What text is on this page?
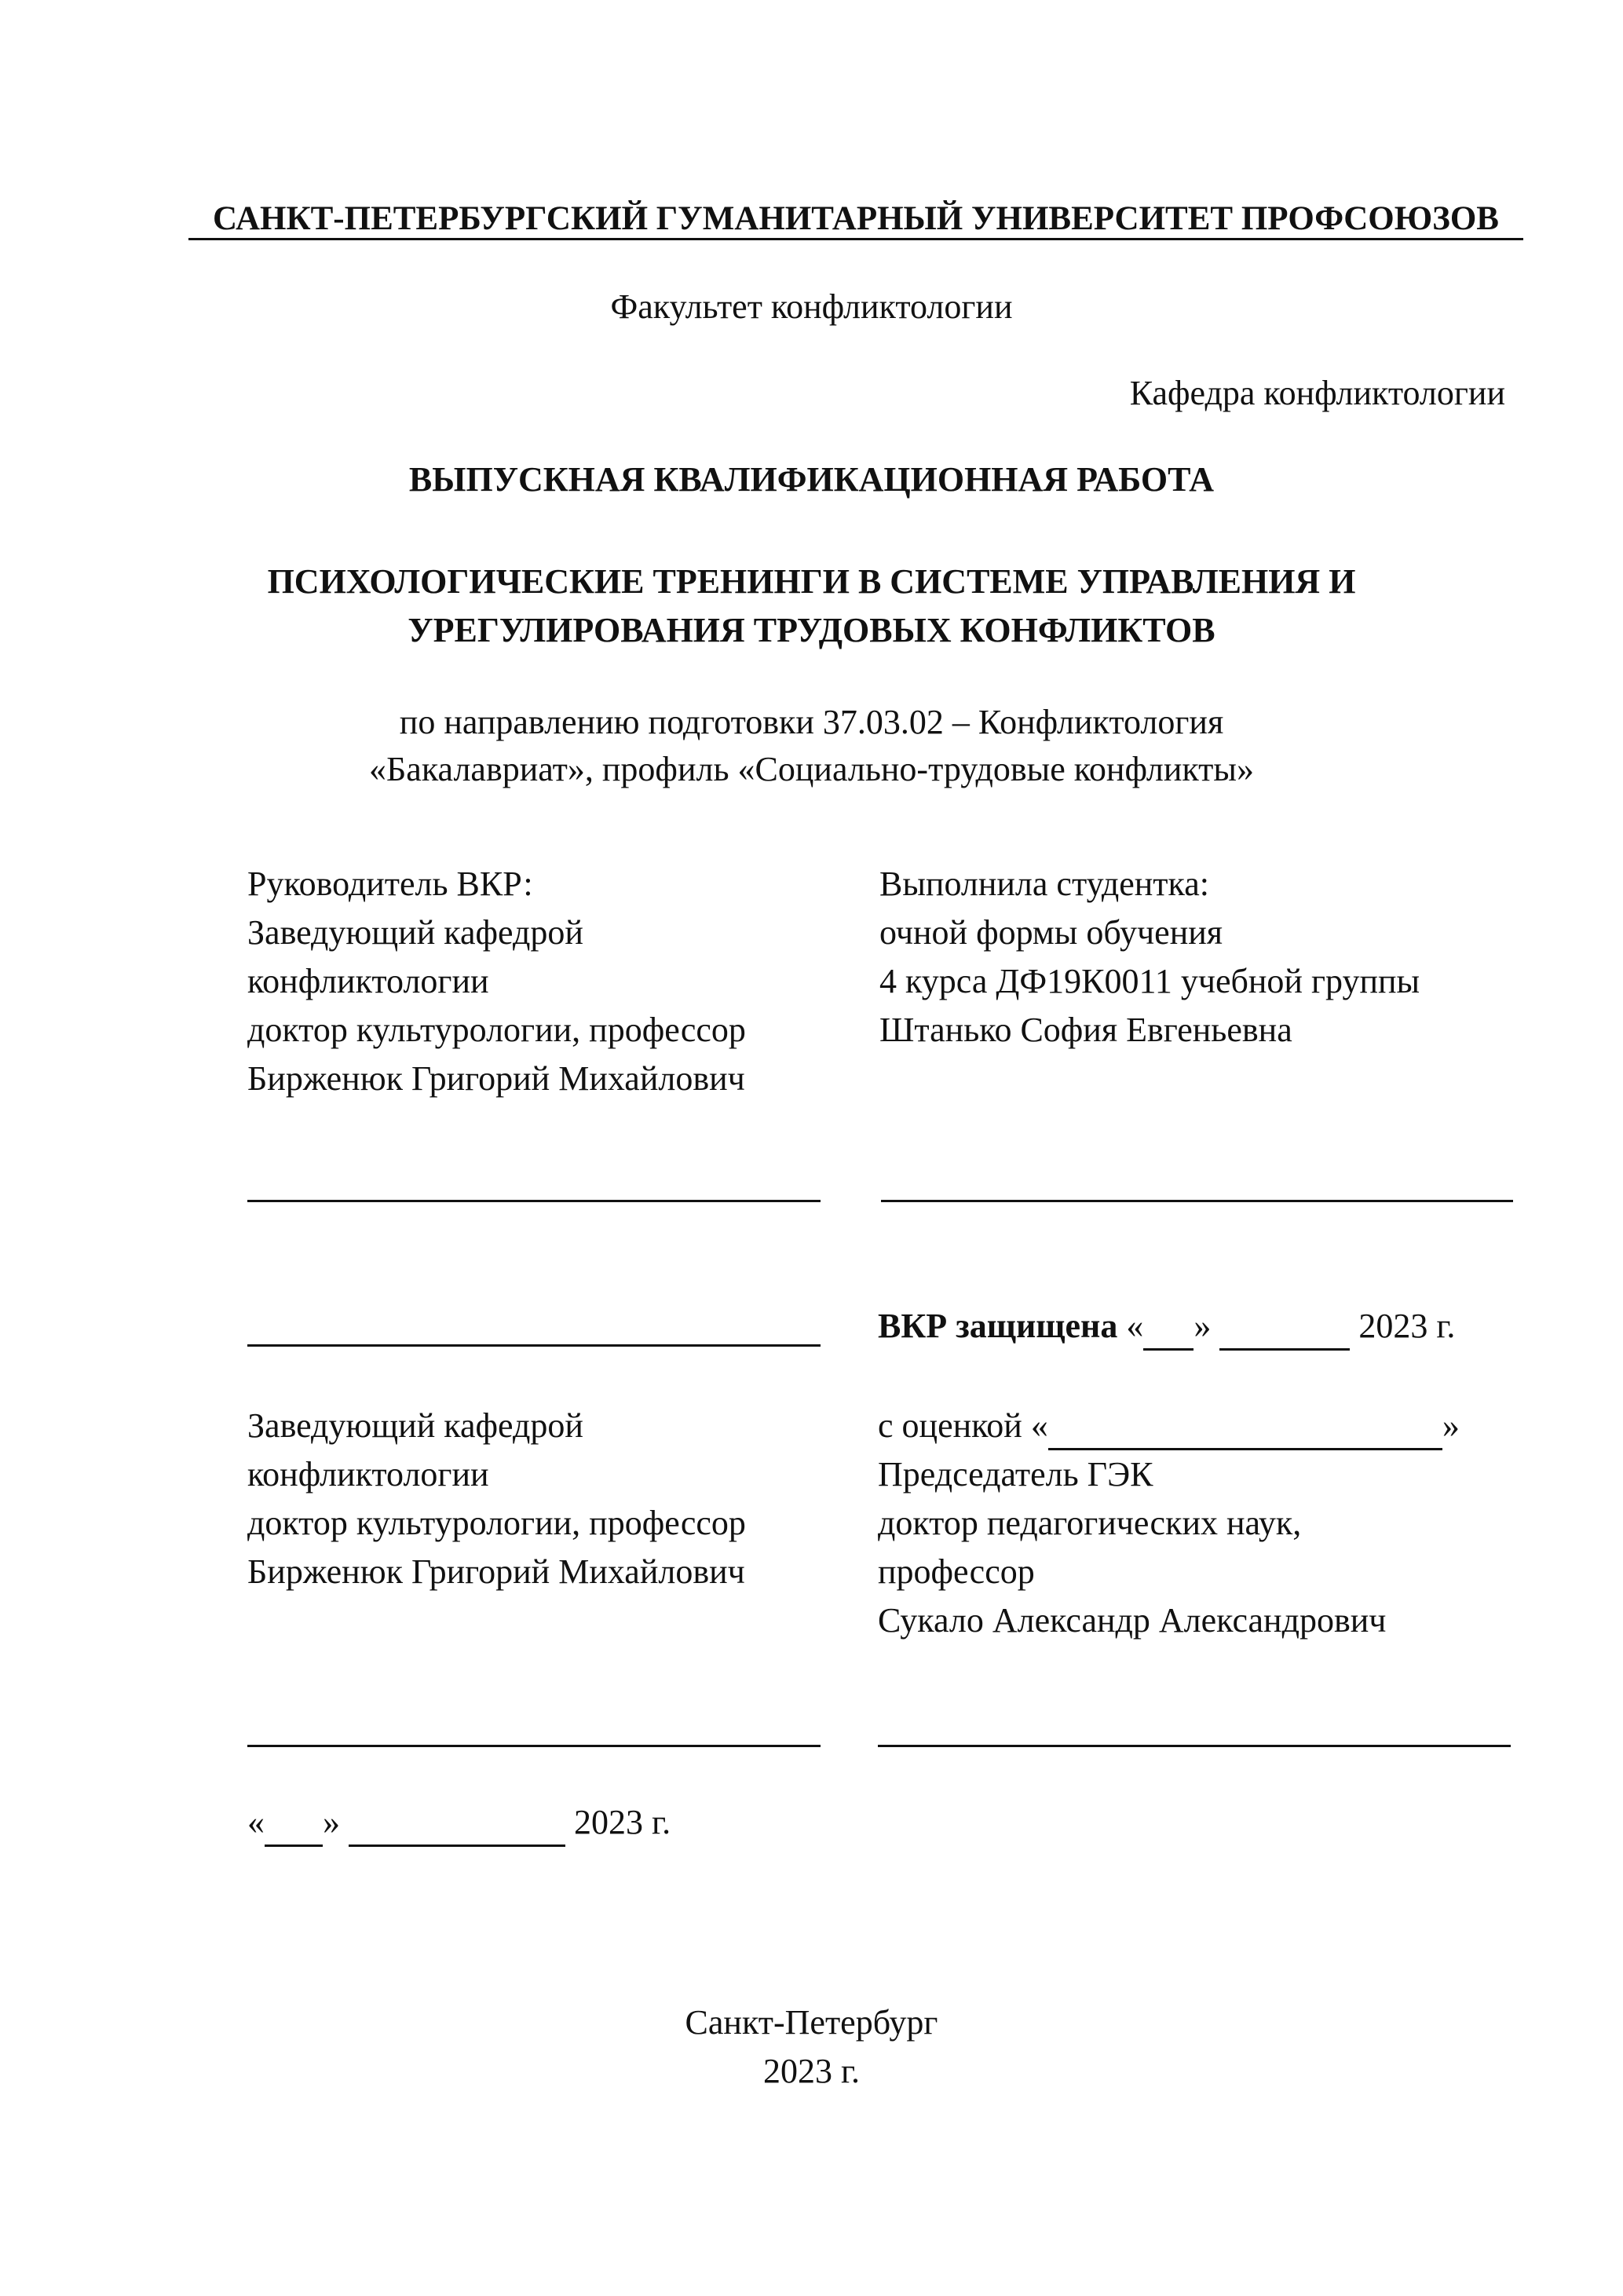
САНКТ-ПЕТЕРБУРГСКИЙ ГУМАНИТАРНЫЙ УНИВЕРСИТЕТ ПРОФСОЮЗОВ
Факультет конфликтологии
Кафедра конфликтологии
ВЫПУСКНАЯ КВАЛИФИКАЦИОННАЯ РАБОТА
ПСИХОЛОГИЧЕСКИЕ ТРЕНИНГИ В СИСТЕМЕ УПРАВЛЕНИЯ И
УРЕГУЛИРОВАНИЯ ТРУДОВЫХ КОНФЛИКТОВ
по направлению подготовки 37.03.02 – Конфликтология
«Бакалавриат», профиль «Социально-трудовые конфликты»
Руководитель ВКР:
Заведующий кафедрой
конфликтологии
доктор культурологии, профессор
Бирженюк Григорий Михайлович
Выполнила студентка:
очной формы обучения
4 курса ДФ19К0011 учебной группы
Штанько София Евгеньевна
ВКР защищена « »	2023 г.
Заведующий кафедрой
конфликтологии
доктор культурологии, профессор
Бирженюк Григорий Михайлович
с оценкой «	»
Председатель ГЭК
доктор педагогических наук,
профессор
Сукало Александр Александрович
« »	2023 г.
Санкт-Петербург
2023 г.
